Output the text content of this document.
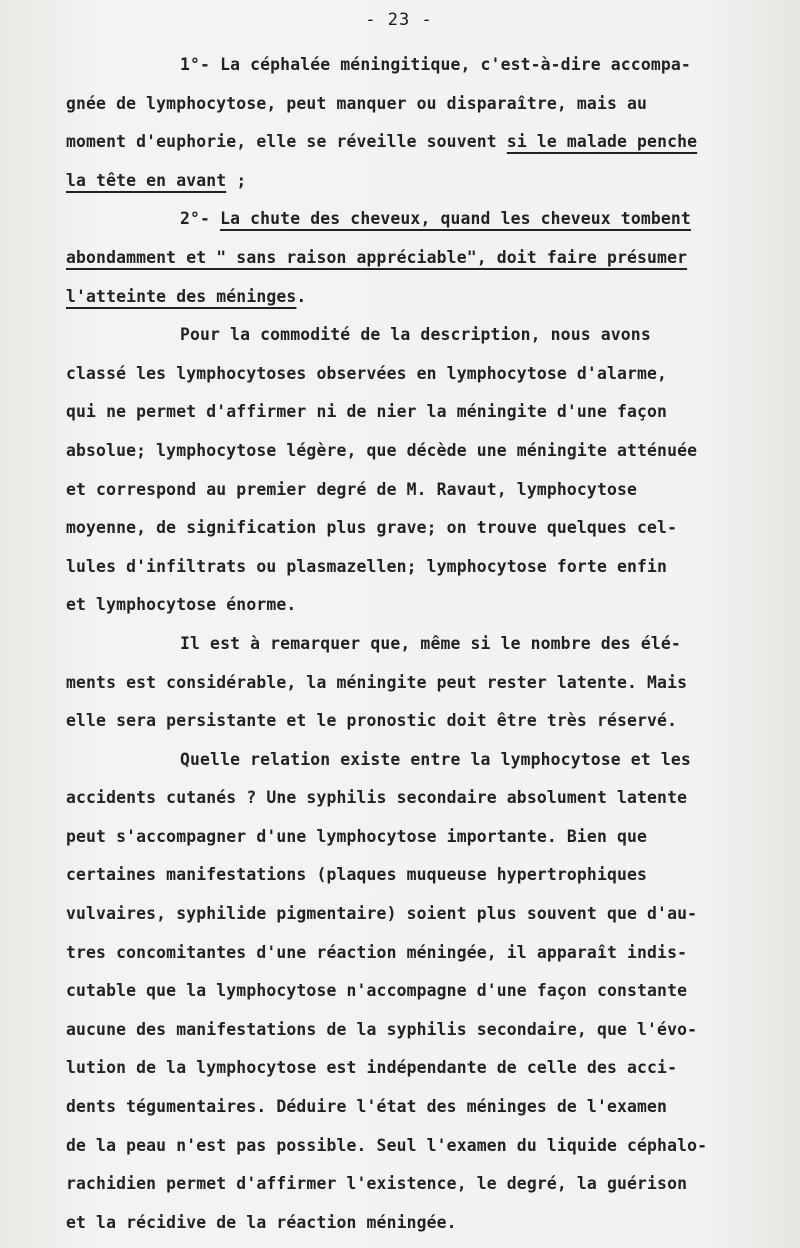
- 23 -

1°- La céphalée méningitique, c'est-à-dire accompa-
gnée de lymphocytose, peut manquer ou disparaître, mais au
moment d'euphorie, elle se réveille souvent si le malade penche
la tête en avant ;

2°- La chute des cheveux, quand les cheveux tombent
abondamment et " sans raison appréciable", doit faire présumer
l'atteinte des méninges.

Pour la commodité de la description, nous avons
classé les lymphocytoses observées en lymphocytose d'alarme,
qui ne permet d'affirmer ni de nier la méningite d'une façon
absolue; lymphocytose légère, que décède une méningite atténuée
et correspond au premier degré de M. Ravaut, lymphocytose
moyenne, de signification plus grave; on trouve quelques cel-
lules d'infiltrats ou plasmazellen; lymphocytose forte enfin
et lymphocytose énorme.

Il est à remarquer que, même si le nombre des élé-
ments est considérable, la méningite peut rester latente. Mais
elle sera persistante et le pronostic doit être très réservé.

Quelle relation existe entre la lymphocytose et les
accidents cutanés ? Une syphilis secondaire absolument latente
peut s'accompagner d'une lymphocytose importante. Bien que
certaines manifestations (plaques muqueuse hypertrophiques
vulvaires, syphilide pigmentaire) soient plus souvent que d'au-
tres concomitantes d'une réaction méningée, il apparaît indis-
cutable que la lymphocytose n'accompagne d'une façon constante
aucune des manifestations de la syphilis secondaire, que l'évo-
lution de la lymphocytose est indépendante de celle des acci-
dents tégumentaires. Déduire l'état des méninges de l'examen
de la peau n'est pas possible. Seul l'examen du liquide céphalo-
rachidien permet d'affirmer l'existence, le degré, la guérison
et la récidive de la réaction méningée.
